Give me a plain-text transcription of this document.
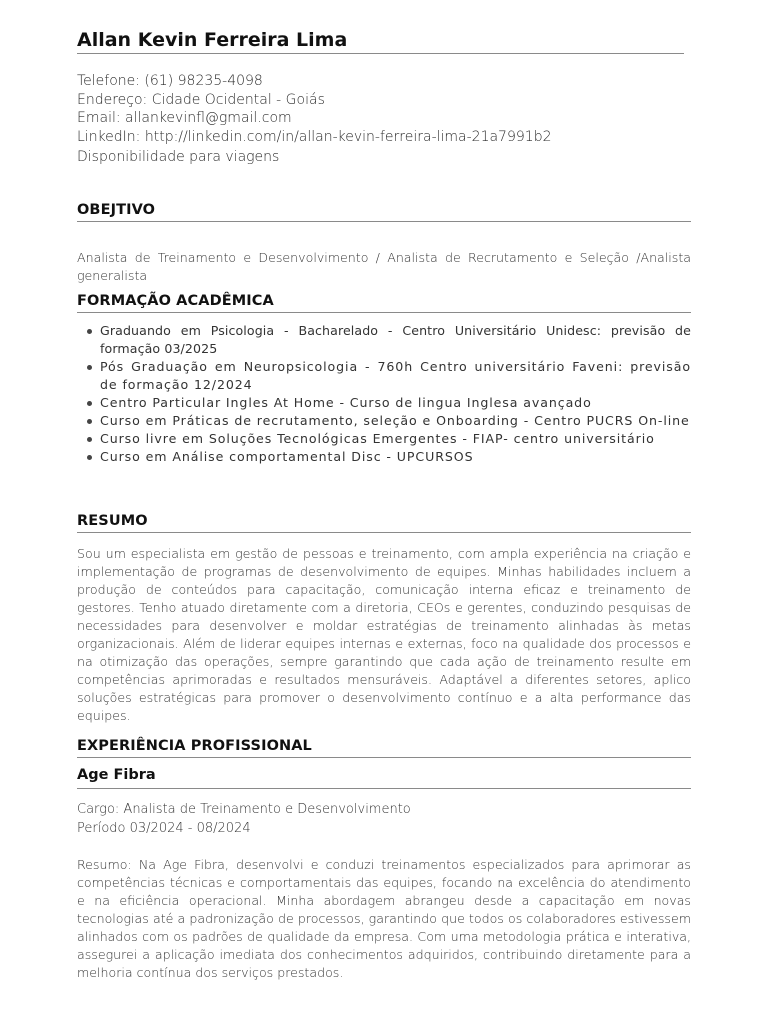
Allan Kevin Ferreira Lima
Telefone: (61) 98235-4098
Endereço: Cidade Ocidental - Goiás
Email: allankevinfl@gmail.com
LinkedIn: http://linkedin.com/in/allan-kevin-ferreira-lima-21a7991b2
Disponibilidade para viagens
OBEJTIVO
Analista de Treinamento e Desenvolvimento / Analista de Recrutamento e Seleção /Analista generalista
FORMAÇÃO ACADÊMICA
Graduando em Psicologia - Bacharelado - Centro Universitário Unidesc: previsão de formação 03/2025
Pós Graduação em Neuropsicologia - 760h Centro universitário Faveni: previsão de formação 12/2024
Centro Particular Ingles At Home - Curso de lingua Inglesa avançado
Curso em Práticas de recrutamento, seleção e Onboarding - Centro PUCRS On-line
Curso livre em Soluções Tecnológicas Emergentes - FIAP- centro universitário
Curso em Análise comportamental Disc - UPCURSOS
RESUMO
Sou um especialista em gestão de pessoas e treinamento, com ampla experiência na criação e implementação de programas de desenvolvimento de equipes. Minhas habilidades incluem a produção de conteúdos para capacitação, comunicação interna eficaz e treinamento de gestores. Tenho atuado diretamente com a diretoria, CEOs e gerentes, conduzindo pesquisas de necessidades para desenvolver e moldar estratégias de treinamento alinhadas às metas organizacionais. Além de liderar equipes internas e externas, foco na qualidade dos processos e na otimização das operações, sempre garantindo que cada ação de treinamento resulte em competências aprimoradas e resultados mensuráveis. Adaptável a diferentes setores, aplico soluções estratégicas para promover o desenvolvimento contínuo e a alta performance das equipes.
EXPERIÊNCIA PROFISSIONAL
Age Fibra
Cargo: Analista de Treinamento e Desenvolvimento
Período 03/2024 - 08/2024
Resumo: Na Age Fibra, desenvolvi e conduzi treinamentos especializados para aprimorar as competências técnicas e comportamentais das equipes, focando na excelência do atendimento e na eficiência operacional. Minha abordagem abrangeu desde a capacitação em novas tecnologias até a padronização de processos, garantindo que todos os colaboradores estivessem alinhados com os padrões de qualidade da empresa. Com uma metodologia prática e interativa, assegurei a aplicação imediata dos conhecimentos adquiridos, contribuindo diretamente para a melhoria contínua dos serviços prestados.
